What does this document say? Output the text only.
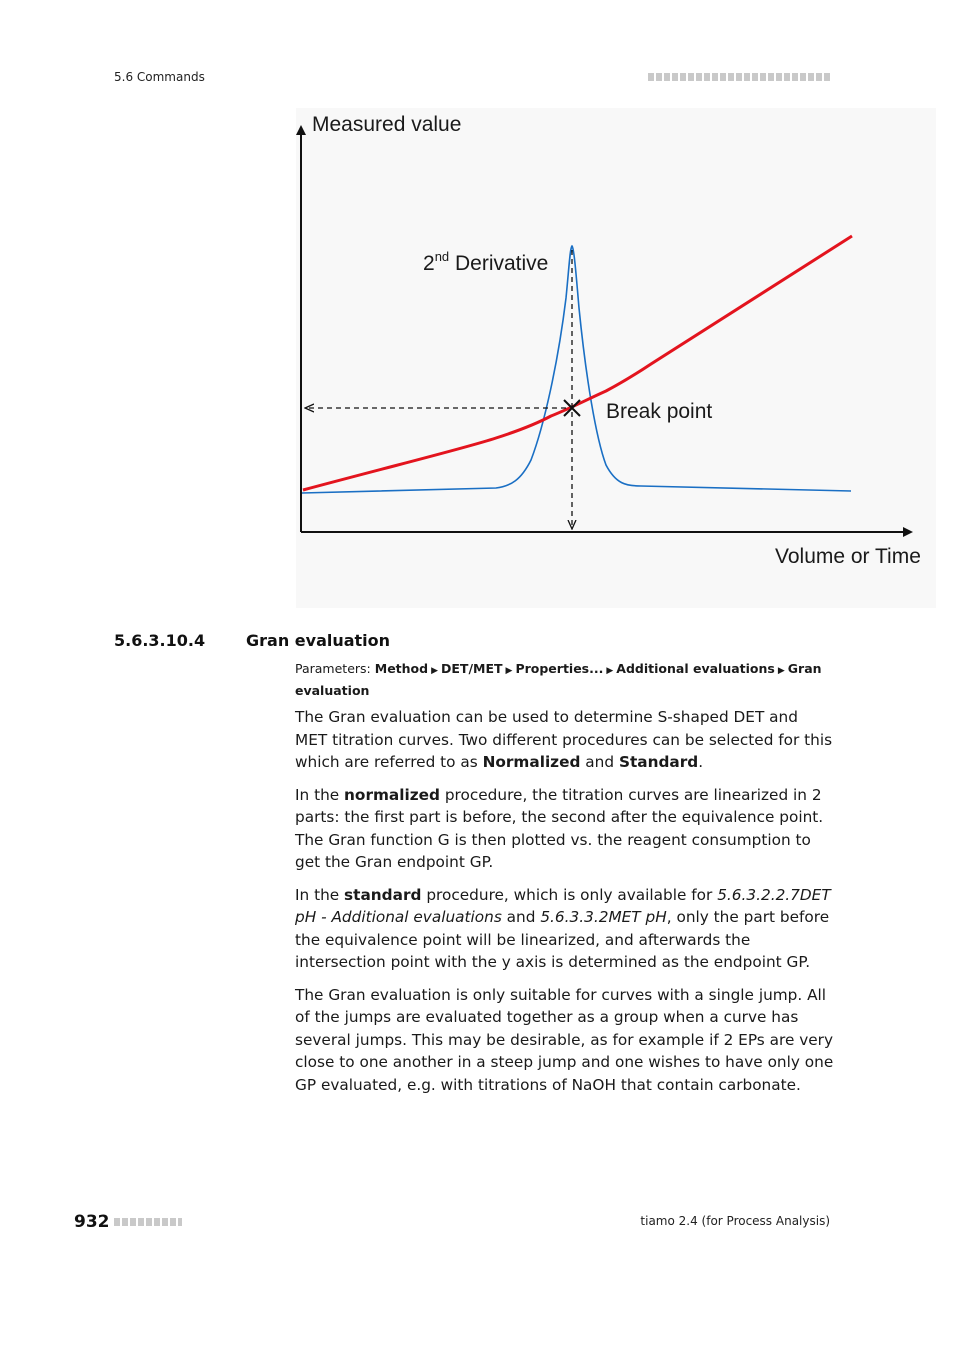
5.6 Commands
Measured value
Volume or Time
2nd Derivative
Break point
5.6.3.10.4	Gran evaluation
Parameters: Method ▶ DET/MET ▶ Properties... ▶ Additional evaluations ▶ Gran evaluation

The Gran evaluation can be used to determine S-shaped DET and MET titration curves. Two different procedures can be selected for this which are referred to as Normalized and Standard.

In the normalized procedure, the titration curves are linearized in 2 parts: the first part is before, the second after the equivalence point. The Gran function G is then plotted vs. the reagent consumption to get the Gran endpoint GP.

In the standard procedure, which is only available for 5.6.3.2.2.7DET pH - Additional evaluations and 5.6.3.3.2MET pH, only the part before the equivalence point will be linearized, and afterwards the intersection point with the y axis is determined as the endpoint GP.

The Gran evaluation is only suitable for curves with a single jump. All of the jumps are evaluated together as a group when a curve has several jumps. This may be desirable, as for example if 2 EPs are very close to one another in a steep jump and one wishes to have only one GP evaluated, e.g. with titrations of NaOH that contain carbonate.

932	tiamo 2.4 (for Process Analysis)
